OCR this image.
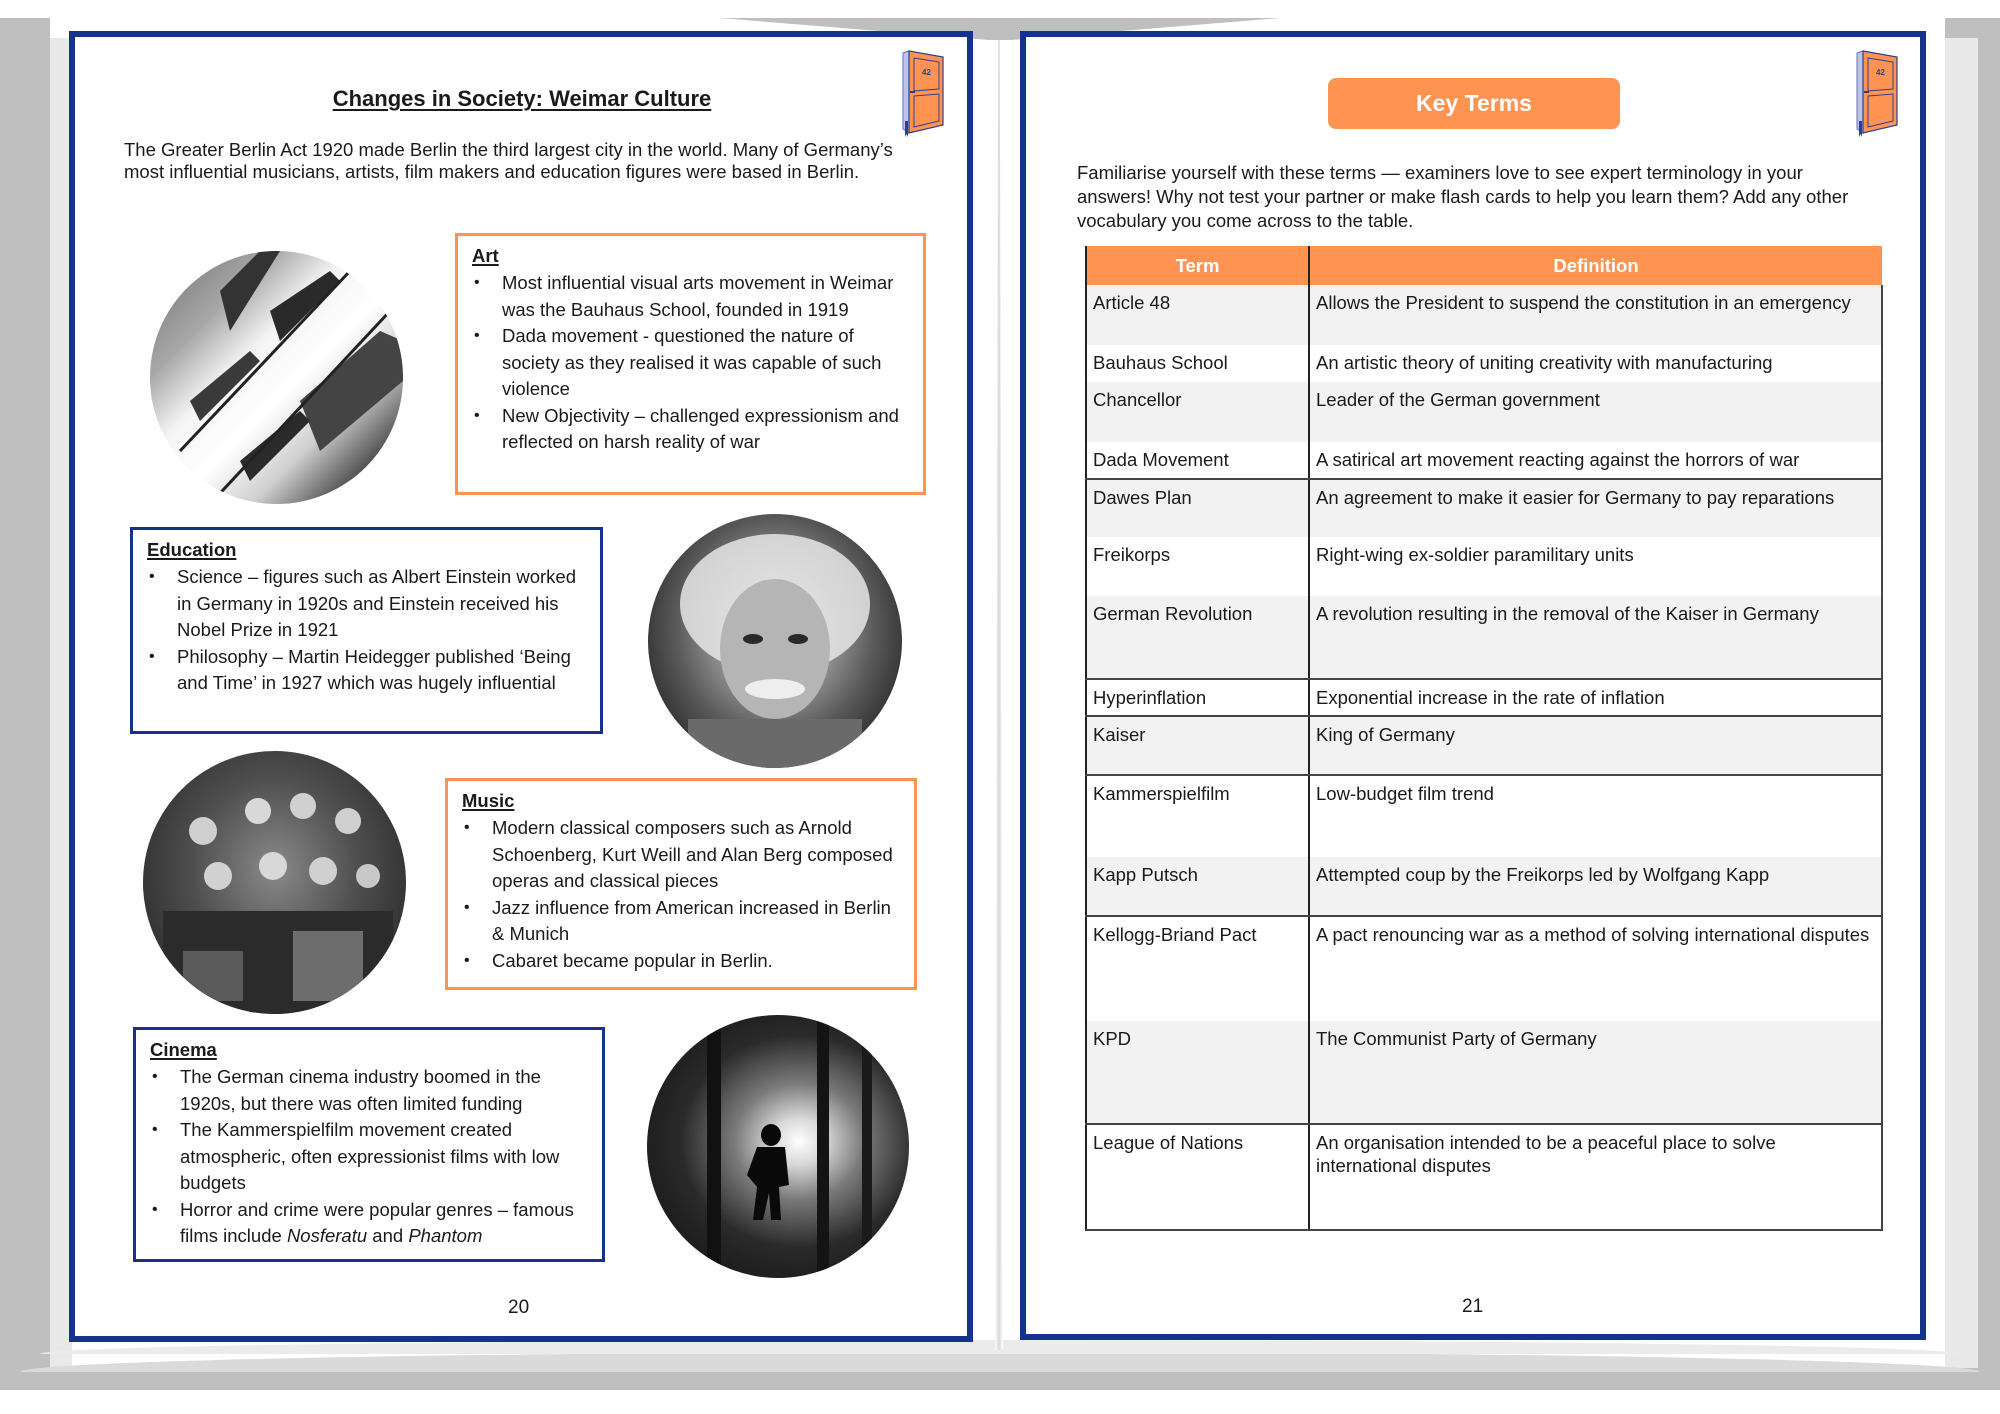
42
Changes in Society: Weimar Culture
The Greater Berlin Act 1920 made Berlin the third largest city in the world. Many of Germany’s most influential musicians, artists, film makers and education figures were based in Berlin.
Art
• Most influential visual arts movement in Weimar was the Bauhaus School, founded in 1919
• Dada movement - questioned the nature of society as they realised it was capable of such violence
• New Objectivity – challenged expressionism and reflected on harsh reality of war
Education
• Science – figures such as Albert Einstein worked in Germany in 1920s and Einstein received his Nobel Prize in 1921
• Philosophy – Martin Heidegger published ‘Being and Time’ in 1927 which was hugely influential
Music
• Modern classical composers such as Arnold Schoenberg, Kurt Weill and Alan Berg composed operas and classical pieces
• Jazz influence from American increased in Berlin & Munich
• Cabaret became popular in Berlin.
Cinema
• The German cinema industry boomed in the 1920s, but there was often limited funding
• The Kammerspielfilm movement created atmospheric, often expressionist films with low budgets
• Horror and crime were popular genres – famous films include Nosferatu and Phantom
20
Key Terms
42
Familiarise yourself with these terms — examiners love to see expert terminology in your answers! Why not test your partner or make flash cards to help you learn them? Add any other vocabulary you come across to the table.
Term	Definition
Article 48	Allows the President to suspend the constitution in an emergency
Bauhaus School	An artistic theory of uniting creativity with manufacturing
Chancellor	Leader of the German government
Dada Movement	A satirical art movement reacting against the horrors of war
Dawes Plan	An agreement to make it easier for Germany to pay reparations
Freikorps	Right-wing ex-soldier paramilitary units
German Revolution	A revolution resulting in the removal of the Kaiser in Germany
Hyperinflation	Exponential increase in the rate of inflation
Kaiser	King of Germany
Kammerspielfilm	Low-budget film trend
Kapp Putsch	Attempted coup by the Freikorps led by Wolfgang Kapp
Kellogg-Briand Pact	A pact renouncing war as a method of solving international disputes
KPD	The Communist Party of Germany
League of Nations	An organisation intended to be a peaceful place to solve international disputes
21
